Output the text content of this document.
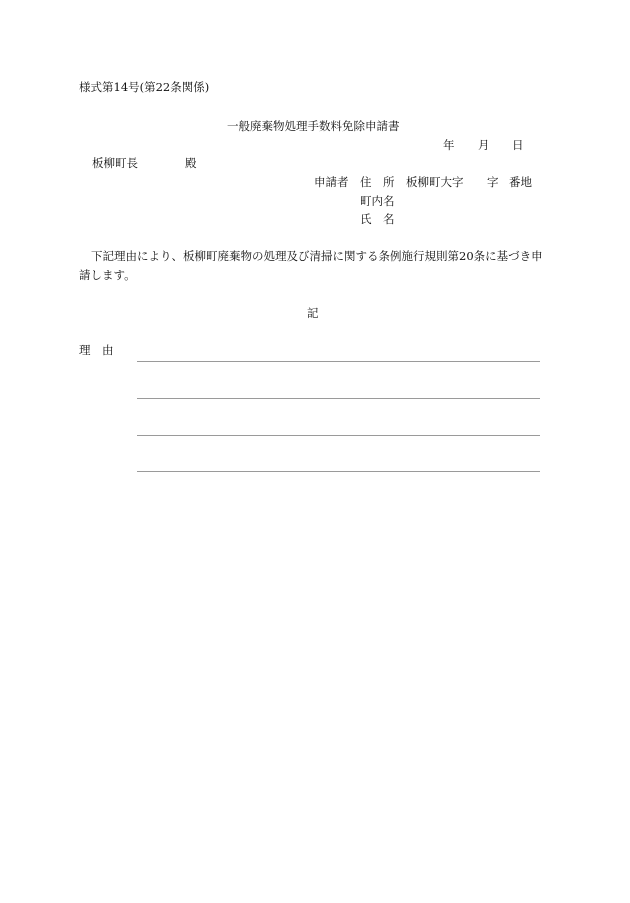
様式第14号(第22条関係)
一般廃棄物処理手数料免除申請書
年 月 日
板柳町長	殿
申請者 住　所 板柳町大字 字 番地
町内名
氏　名
下記理由により、板柳町廃棄物の処理及び清掃に関する条例施行規則第20条に基づき申
請します。
記
理　由
